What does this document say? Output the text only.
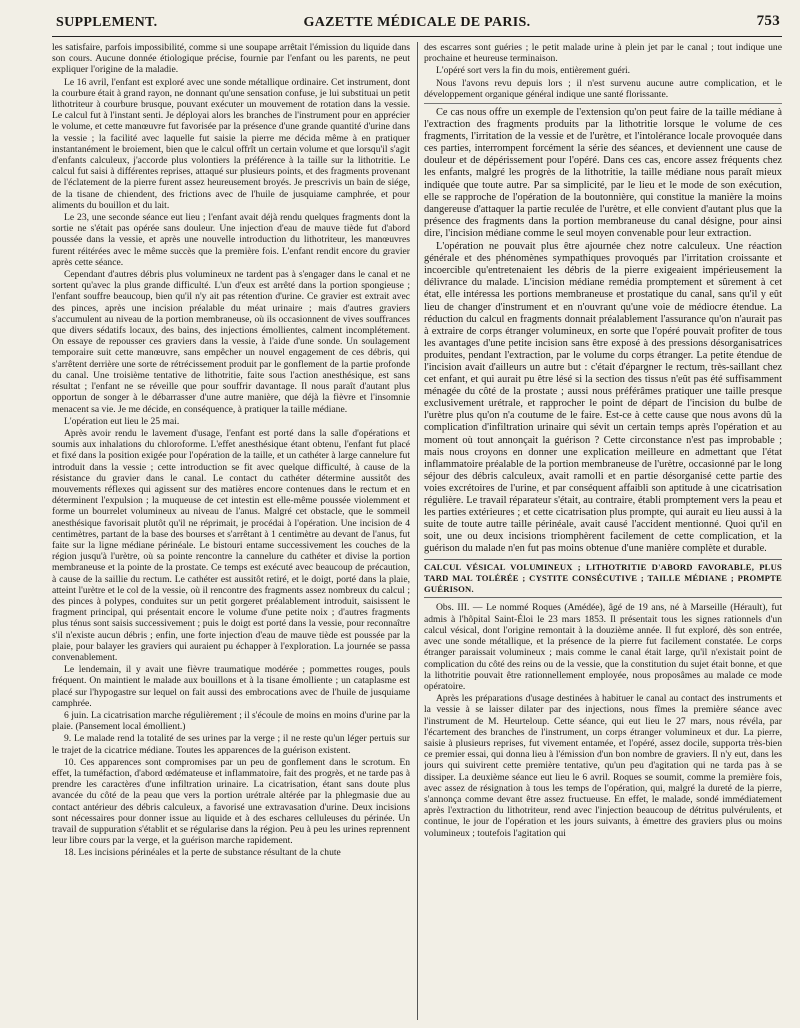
SUPPLEMENT.	GAZETTE MÉDICALE DE PARIS.	753

les satisfaire, parfois impossibilité, comme si une soupape arrêtait l'émission du liquide dans son cours. Aucune donnée étiologique précise, fournie par l'enfant ou les parents, ne peut expliquer l'origine de la maladie.

Le 16 avril, l'enfant est exploré avec une sonde métallique ordinaire. Cet instrument, dont la courbure était à grand rayon, ne donnant qu'une sensation confuse, je lui substituai un petit lithotriteur à courbure brusque, pouvant exécuter un mouvement de rotation dans la vessie. Le calcul fut à l'instant senti. Je déployai alors les branches de l'instrument pour en apprécier le volume, et cette manœuvre fut favorisée par la présence d'une grande quantité d'urine dans la vessie ; la facilité avec laquelle fut saisie la pierre me décida même à en pratiquer instantanément le broiement, bien que le calcul offrît un certain volume et que lorsqu'il s'agit d'enfants calculeux, j'accorde plus volontiers la préférence à la taille sur la lithotritie. Le calcul fut saisi à différentes reprises, attaqué sur plusieurs points, et des fragments provenant de l'éclatement de la pierre furent assez heureusement broyés. Je prescrivis un bain de siége, de la tisane de chiendent, des frictions avec de l'huile de jusquiame camphrée, et pour aliments du bouillon et du lait.

Le 23, une seconde séance eut lieu ; l'enfant avait déjà rendu quelques fragments dont la sortie ne s'était pas opérée sans douleur. Une injection d'eau de mauve tiède fut d'abord poussée dans la vessie, et après une nouvelle introduction du lithotriteur, les manœuvres furent réitérées avec le même succès que la première fois. L'enfant rendit encore du gravier après cette séance.

Cependant d'autres débris plus volumineux ne tardent pas à s'engager dans le canal et ne sortent qu'avec la plus grande difficulté. L'un d'eux est arrêté dans la portion spongieuse ; l'enfant souffre beaucoup, bien qu'il n'y ait pas rétention d'urine. Ce gravier est extrait avec des pinces, après une incision préalable du méat urinaire ; mais d'autres graviers s'accumulent au niveau de la portion membraneuse, où ils occasionnent de vives souffrances que divers sédatifs locaux, des bains, des injections émollientes, calment incomplétement. On essaye de repousser ces graviers dans la vessie, à l'aide d'une sonde. Un soulagement temporaire suit cette manœuvre, sans empêcher un nouvel engagement de ces débris, qui s'arrêtent derrière une sorte de rétrécissement produit par le gonflement de la partie profonde du canal. Une troisième tentative de lithotritie, faite sous l'action anesthésique, est sans résultat ; l'enfant ne se réveille que pour souffrir davantage. Il nous paraît d'autant plus opportun de songer à le débarrasser d'une autre manière, que déjà la fièvre et l'insomnie menacent sa vie. Je me décide, en conséquence, à pratiquer la taille médiane.

L'opération eut lieu le 25 mai.

Après avoir rendu le lavement d'usage, l'enfant est porté dans la salle d'opérations et soumis aux inhalations du chloroforme. L'effet anesthésique étant obtenu, l'enfant fut placé et fixé dans la position exigée pour l'opération de la taille, et un cathéter à large cannelure fut introduit dans la vessie ; cette introduction se fit avec quelque difficulté, à cause de la résistance du gravier dans le canal. Le contact du cathéter détermine aussitôt des mouvements réflexes qui agissent sur des matières encore contenues dans le rectum et en déterminent l'expulsion ; la muqueuse de cet intestin est elle-même poussée violemment et forme un bourrelet volumineux au niveau de l'anus. Malgré cet obstacle, que le sommeil anesthésique favorisait plutôt qu'il ne réprimait, je procédai à l'opération. Une incision de 4 centimètres, partant de la base des bourses et s'arrêtant à 1 centimètre au devant de l'anus, fut faite sur la ligne médiane périnéale. Le bistouri entame successivement les couches de la région jusqu'à l'urètre, où sa pointe rencontre la cannelure du cathéter et divise la portion membraneuse et la pointe de la prostate. Ce temps est exécuté avec beaucoup de précaution, à cause de la saillie du rectum. Le cathéter est aussitôt retiré, et le doigt, porté dans la plaie, atteint l'urètre et le col de la vessie, où il rencontre des fragments assez nombreux du calcul ; des pinces à polypes, conduites sur un petit gorgeret préalablement introduit, saisissent le fragment principal, qui présentait encore le volume d'une petite noix ; d'autres fragments plus ténus sont saisis successivement ; puis le doigt est porté dans la vessie, pour reconnaître s'il n'existe aucun débris ; enfin, une forte injection d'eau de mauve tiède est poussée par la plaie, pour balayer les graviers qui auraient pu échapper à l'exploration. La journée se passa convenablement.

Le lendemain, il y avait une fièvre traumatique modérée ; pommettes rouges, pouls fréquent. On maintient le malade aux bouillons et à la tisane émolliente ; un cataplasme est placé sur l'hypogastre sur lequel on fait aussi des embrocations avec de l'huile de jusquiame camphrée.

6 juin. La cicatrisation marche régulièrement ; il s'écoule de moins en moins d'urine par la plaie. (Pansement local émollient.)

9. Le malade rend la totalité de ses urines par la verge ; il ne reste qu'un léger pertuis sur le trajet de la cicatrice médiane. Toutes les apparences de la guérison existent.

10. Ces apparences sont compromises par un peu de gonflement dans le scrotum. En effet, la tuméfaction, d'abord œdémateuse et inflammatoire, fait des progrès, et ne tarde pas à prendre les caractères d'une infiltration urinaire. La cicatrisation, étant sans doute plus avancée du côté de la peau que vers la portion urétrale altérée par la phlegmasie due au contact antérieur des débris calculeux, a favorisé une extravasation d'urine. Deux incisions sont nécessaires pour donner issue au liquide et à des eschares celluleuses du périnée. Un travail de suppuration s'établit et se régularise dans la région. Peu à peu les urines reprennent leur libre cours par la verge, et la guérison marche rapidement.

18. Les incisions périnéales et la perte de substance résultant de la chute

des escarres sont guéries ; le petit malade urine à plein jet par le canal ; tout indique une prochaine et heureuse terminaison.

L'opéré sort vers la fin du mois, entièrement guéri.

Nous l'avons revu depuis lors ; il n'est survenu aucune autre complication, et le développement organique général indique une santé florissante.

Ce cas nous offre un exemple de l'extension qu'on peut faire de la taille médiane à l'extraction des fragments produits par la lithotritie lorsque le volume de ces fragments, l'irritation de la vessie et de l'urètre, et l'intolérance locale provoquée dans ces parties, interrompent forcément la série des séances, et deviennent une cause de douleur et de dépérissement pour l'opéré. Dans ces cas, encore assez fréquents chez les enfants, malgré les progrès de la lithotritie, la taille médiane nous paraît mieux indiquée que toute autre. Par sa simplicité, par le lieu et le mode de son exécution, elle se rapproche de l'opération de la boutonnière, qui constitue la manière la moins dangereuse d'attaquer la partie reculée de l'urètre, et elle convient d'autant plus que la présence des fragments dans la portion membraneuse du canal désigne, pour ainsi dire, l'incision médiane comme le seul moyen convenable pour leur extraction.

L'opération ne pouvait plus être ajournée chez notre calculeux. Une réaction générale et des phénomènes sympathiques provoqués par l'irritation croissante et incoercible qu'entretenaient les débris de la pierre exigeaient impérieusement la délivrance du malade. L'incision médiane remédia promptement et sûrement à cet état, elle intéressa les portions membraneuse et prostatique du canal, sans qu'il y eût lieu de changer d'instrument et en n'ouvrant qu'une voie de médiocre étendue. La réduction du calcul en fragments donnait préalablement l'assurance qu'on n'aurait pas à extraire de corps étranger volumineux, en sorte que l'opéré pouvait profiter de tous les avantages d'une petite incision sans être exposé à des pressions désorganisatrices produites, pendant l'extraction, par le volume du corps étranger. La petite étendue de l'incision avait d'ailleurs un autre but : c'était d'épargner le rectum, très-saillant chez cet enfant, et qui aurait pu être lésé si la section des tissus n'eût pas été suffisamment ménagée du côté de la prostate ; aussi nous préférâmes pratiquer une taille presque exclusivement urétrale, et rapprocher le point de départ de l'incision du bulbe de l'urètre plus qu'on n'a coutume de le faire. Est-ce à cette cause que nous avons dû la complication d'infiltration urinaire qui sévit un certain temps après l'opération et au moment où tout annonçait la guérison ? Cette circonstance n'est pas improbable ; mais nous croyons en donner une explication meilleure en admettant que l'état inflammatoire préalable de la portion membraneuse de l'urètre, occasionné par le long séjour des débris calculeux, avait ramolli et en partie désorganisé cette partie des voies excrétoires de l'urine, et par conséquent affaibli son aptitude à une cicatrisation régulière. Le travail réparateur s'était, au contraire, établi promptement vers la peau et les parties extérieures ; et cette cicatrisation plus prompte, qui aurait eu lieu aussi à la suite de toute autre taille périnéale, avait causé l'accident mentionné. Quoi qu'il en soit, une ou deux incisions triomphèrent facilement de cette complication, et la guérison du malade n'en fut pas moins obtenue d'une manière complète et durable.

CALCUL VÉSICAL VOLUMINEUX ; LITHOTRITIE D'ABORD FAVORABLE, PLUS TARD MAL TOLÉRÉE ; CYSTITE CONSÉCUTIVE ; TAILLE MÉDIANE ; PROMPTE GUÉRISON.

Obs. III. — Le nommé Roques (Amédée), âgé de 19 ans, né à Marseille (Hérault), fut admis à l'hôpital Saint-Éloi le 23 mars 1853. Il présentait tous les signes rationnels d'un calcul vésical, dont l'origine remontait à la douzième année. Il fut exploré, dès son entrée, avec une sonde métallique, et la présence de la pierre fut facilement constatée. Le corps étranger paraissait volumineux ; mais comme le canal était large, qu'il n'existait point de complication du côté des reins ou de la vessie, que la constitution du sujet était bonne, et que la lithotritie pouvait être rationnellement employée, nous proposâmes au malade ce mode opératoire.

Après les préparations d'usage destinées à habituer le canal au contact des instruments et la vessie à se laisser dilater par des injections, nous fîmes la première séance avec l'instrument de M. Heurteloup. Cette séance, qui eut lieu le 27 mars, nous révéla, par l'écartement des branches de l'instrument, un corps étranger volumineux et dur. La pierre, saisie à plusieurs reprises, fut vivement entamée, et l'opéré, assez docile, supporta très-bien ce premier essai, qui donna lieu à l'émission d'un bon nombre de graviers. Il n'y eut, dans les jours qui suivirent cette première tentative, qu'un peu d'agitation qui ne tarda pas à se dissiper. La deuxième séance eut lieu le 6 avril. Roques se soumit, comme la première fois, avec assez de résignation à tous les temps de l'opération, qui, malgré la dureté de la pierre, s'annonça comme devant être assez fructueuse. En effet, le malade, sondé immédiatement après l'extraction du lithotriteur, rend avec l'injection beaucoup de détritus pulvérulents, et continue, le jour de l'opération et les jours suivants, à émettre des graviers plus ou moins volumineux ; toutefois l'agitation qui
